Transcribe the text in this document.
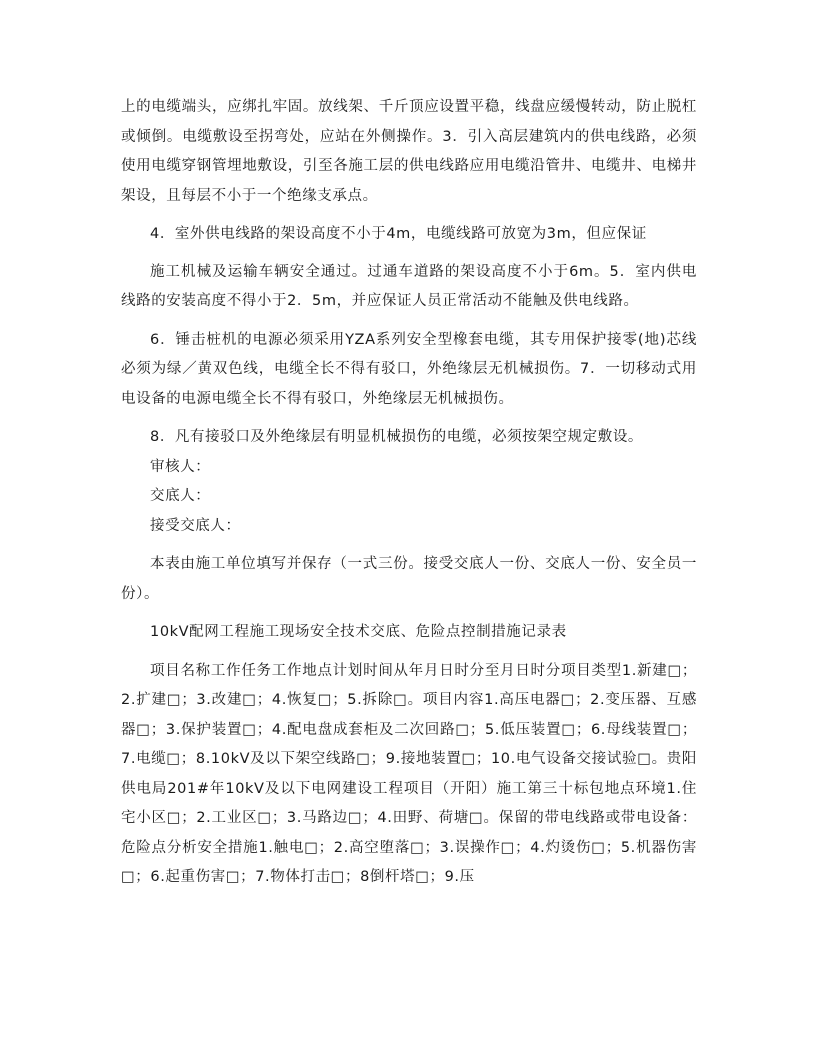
上的电缆端头，应绑扎牢固。放线架、千斤顶应设置平稳，线盘应缓慢转动，防止脱杠或倾倒。电缆敷设至拐弯处，应站在外侧操作。3．引入高层建筑内的供电线路，必须使用电缆穿钢管埋地敷设，引至各施工层的供电线路应用电缆沿管井、电缆井、电梯井架设，且每层不小于一个绝缘支承点。

4．室外供电线路的架设高度不小于4m，电缆线路可放宽为3m，但应保证

施工机械及运输车辆安全通过。过通车道路的架设高度不小于6m。5．室内供电线路的安装高度不得小于2．5m，并应保证人员正常活动不能触及供电线路。

6．锤击桩机的电源必须采用YZA系列安全型橡套电缆，其专用保护接零(地)芯线必须为绿／黄双色线，电缆全长不得有驳口，外绝缘层无机械损伤。7．一切移动式用电设备的电源电缆全长不得有驳口，外绝缘层无机械损伤。

8．凡有接驳口及外绝缘层有明显机械损伤的电缆，必须按架空规定敷设。

审核人：

交底人：

接受交底人：

本表由施工单位填写并保存（一式三份。接受交底人一份、交底人一份、安全员一份）。

10kV配网工程施工现场安全技术交底、危险点控制措施记录表

项目名称工作任务工作地点计划时间从年月日时分至月日时分项目类型1.新建□；2.扩建□；3.改建□；4.恢复□；5.拆除□。项目内容1.高压电器□；2.变压器、互感器□；3.保护装置□；4.配电盘成套柜及二次回路□；5.低压装置□；6.母线装置□；7.电缆□；8.10kV及以下架空线路□；9.接地装置□；10.电气设备交接试验□。贵阳供电局201#年10kV及以下电网建设工程项目（开阳）施工第三十标包地点环境1.住宅小区□；2.工业区□；3.马路边□；4.田野、荷塘□。保留的带电线路或带电设备：危险点分析安全措施1.触电□；2.高空堕落□；3.误操作□；4.灼烫伤□；5.机器伤害□；6.起重伤害□；7.物体打击□；8倒杆塔□；9.压
